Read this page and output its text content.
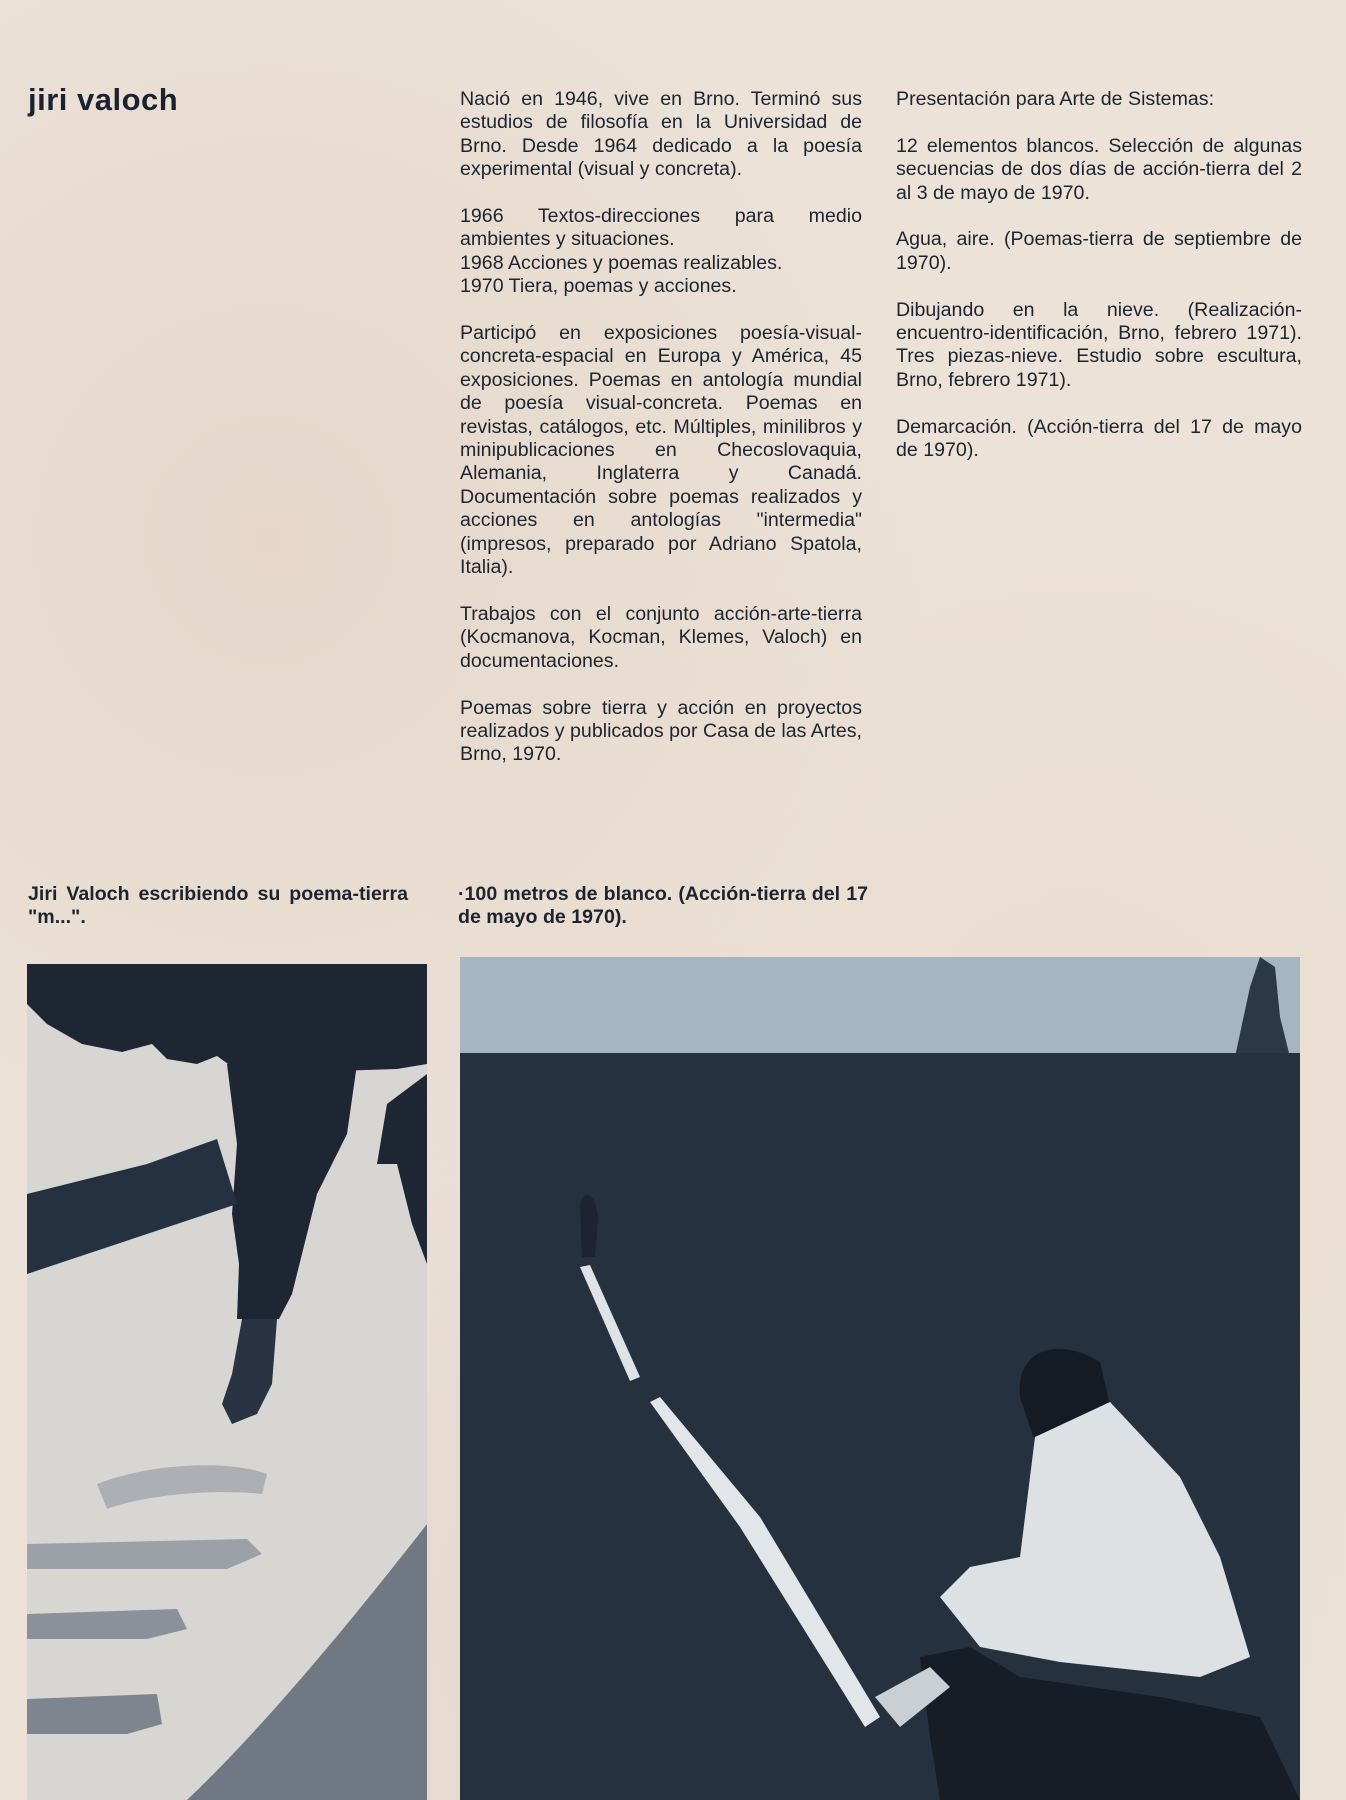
jiri valoch	Nació en 1946, vive en Brno. Terminó sus estudios de filosofía en la Universidad de Brno. Desde 1964 dedicado a la poesía experimental (visual y concreta).

1966 Textos-direcciones para medio ambientes y situaciones.

1968 Acciones y poemas realizables.

1970 Tiera, poemas y acciones.

Participó en exposiciones poesía-visual-concreta-espacial en Europa y América, 45 exposiciones. Poemas en antología mundial de poesía visual-concreta. Poemas en revistas, catálogos, etc. Múltiples, minilibros y minipublicaciones en Checoslovaquia, Alemania, Inglaterra y Canadá. Documentación sobre poemas realizados y acciones en antologías "intermedia" (impresos, preparado por Adriano Spatola, Italia).

Trabajos con el conjunto acción-arte-tierra (Kocmanova, Kocman, Klemes, Valoch) en documentaciones.

Poemas sobre tierra y acción en proyectos realizados y publicados por Casa de las Artes, Brno, 1970.

Presentación para Arte de Sistemas:

12 elementos blancos. Selección de algunas secuencias de dos días de acción-tierra del 2 al 3 de mayo de 1970.

Agua, aire. (Poemas-tierra de septiembre de 1970).

Dibujando en la nieve. (Realización-encuentro-identificación, Brno, febrero 1971). Tres piezas-nieve. Estudio sobre escultura, Brno, febrero 1971).

Demarcación. (Acción-tierra del 17 de mayo de 1970).

Jiri Valoch escribiendo su poema-tierra "m...".
·100 metros de blanco. (Acción-tierra del 17 de mayo de 1970).
